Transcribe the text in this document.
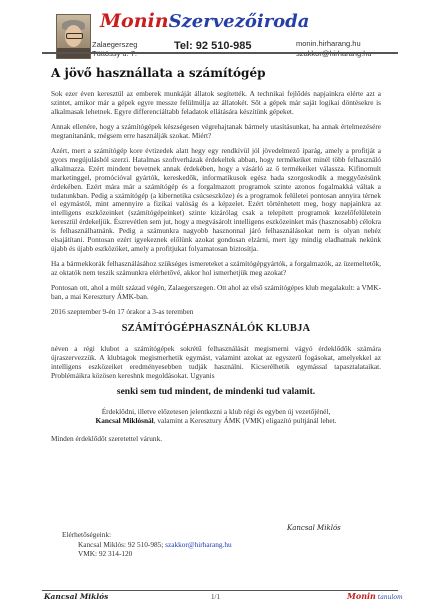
MoninSzervezőiroda
Zalaegerszeg	Tel: 92 510-985	monin.hirharang.hu
A jövő használlata a számítógép

Sok ezer éven keresztül az emberek munkáját állatok segítették. A technikai fejlődés napjainkra elérte azt a szintet, amikor már a gépek egyre messze felülmúlja az állatokét. Sőt a gépek már saját logikai döntésekre is alkalmasak lehetnek. Egyre differenciáltabb feladatok ellátására készítünk gépeket.

Annak ellenére, hogy a számítógépek készségesen végrehajtanak bármely utasításunkat, ha annak értelmezésére megtanítanánk, mégsem erre használják szokat. Miért?

Azért, mert a számítógép kore évtizedek alatt hegy egy rendkívül jól jövedelmező iparág, amely a profitját a gyors megújulásból szerzi. Hatalmas szoftverházak érdekeltek abban, hogy termékeiket minél több felhasználó alkalmazza. Ezért mindent bevetnek annak érdekében, hogy a vásárló az ő termékeiket válassza. Kifinomult marketinggel, promócióval gyártók, kereskedők, informatikusok egész hada szorgoskodik a meggyőzésünk érdekében. Ezért mára már a számítógép és a forgalmazott programok szinte azonos fogalmakká váltak a tudatunkban. Pedig a számítógép (a kibernetika csúcseszköze) és a programok felületei pontosan annyira térnek el egymástól, mint amennyire a fizikai valóság és a képzelet. Ezért történhetett meg, hogy napjainkra az intelligens eszközeinket (számítógépeinket) szinte kizárólag csak a telepített programok kezelőfelületein keresztül érdekeljük. Észrevétlen sem jut, hogy a megvásárolt intelligens eszközeinket más (hasznosabb) célokra is felhasználhatnánk. Pedig a számunkra nagyobb hasznonnal járó felhasználásokat nem is olyan nehéz elsajátítani. Pontosan ezért igyekeznek előlünk azokat gondosan elzárni, mert így mindig eladhatnak nekünk újabb és újabb eszközöket, amely a profitjukat folyamatosan biztosítja.

Ha a bármekkorák felhasználásához szükséges ismereteket a számítógépgyártók, a forgalmazók, az üzemeltetők, az oktatók nem teszik számunkra elérhetővé, akkor hol ismerhetjük meg azokat?

Pontosan ott, ahol a múlt század végén, Zalaegerszegen. Ott ahol az első számítógépes klub megalakult: a VMK-ban, a mai Keresztury ÁMK-ban.

2016 szeptember 9-én 17 órakor a 3-as teremben
SZÁMÍTÓGÉPHASZNÁLÓK KLUBJA

néven a régi klubot a számítógépek sokrétű felhasználását megismerni vágyó érdeklődők számára újraszervezzük. A klubtagok megismerhetik egymást, valamint azokat az egyszerű fogásokat, amelyekkel az intelligens eszközeiket eredményesebben tudják használni. Kicserélhetik egymással tapasztalataikat. Problémáikra közösen kereshnk megoldásokat. Ugyanis

senki sem tud mindent, de mindenki tud valamit.
Érdeklődni, illetve előzetesen jelentkezni a klub régi és egyben új vezetőjénél,
Kancsal Miklósnál, valamint a Keresztury ÁMK (VMK) eligazító pultjánál lehet.
Minden érdeklődőt szeretettel várunk.
Kancsal Miklós
Elérhetőségeink:
Kancsal Miklós: 92 510-985; szakkor@hirharang.hu
VMK: 92 314-120
Kancsal Miklós	1/1	Monin tanulom
